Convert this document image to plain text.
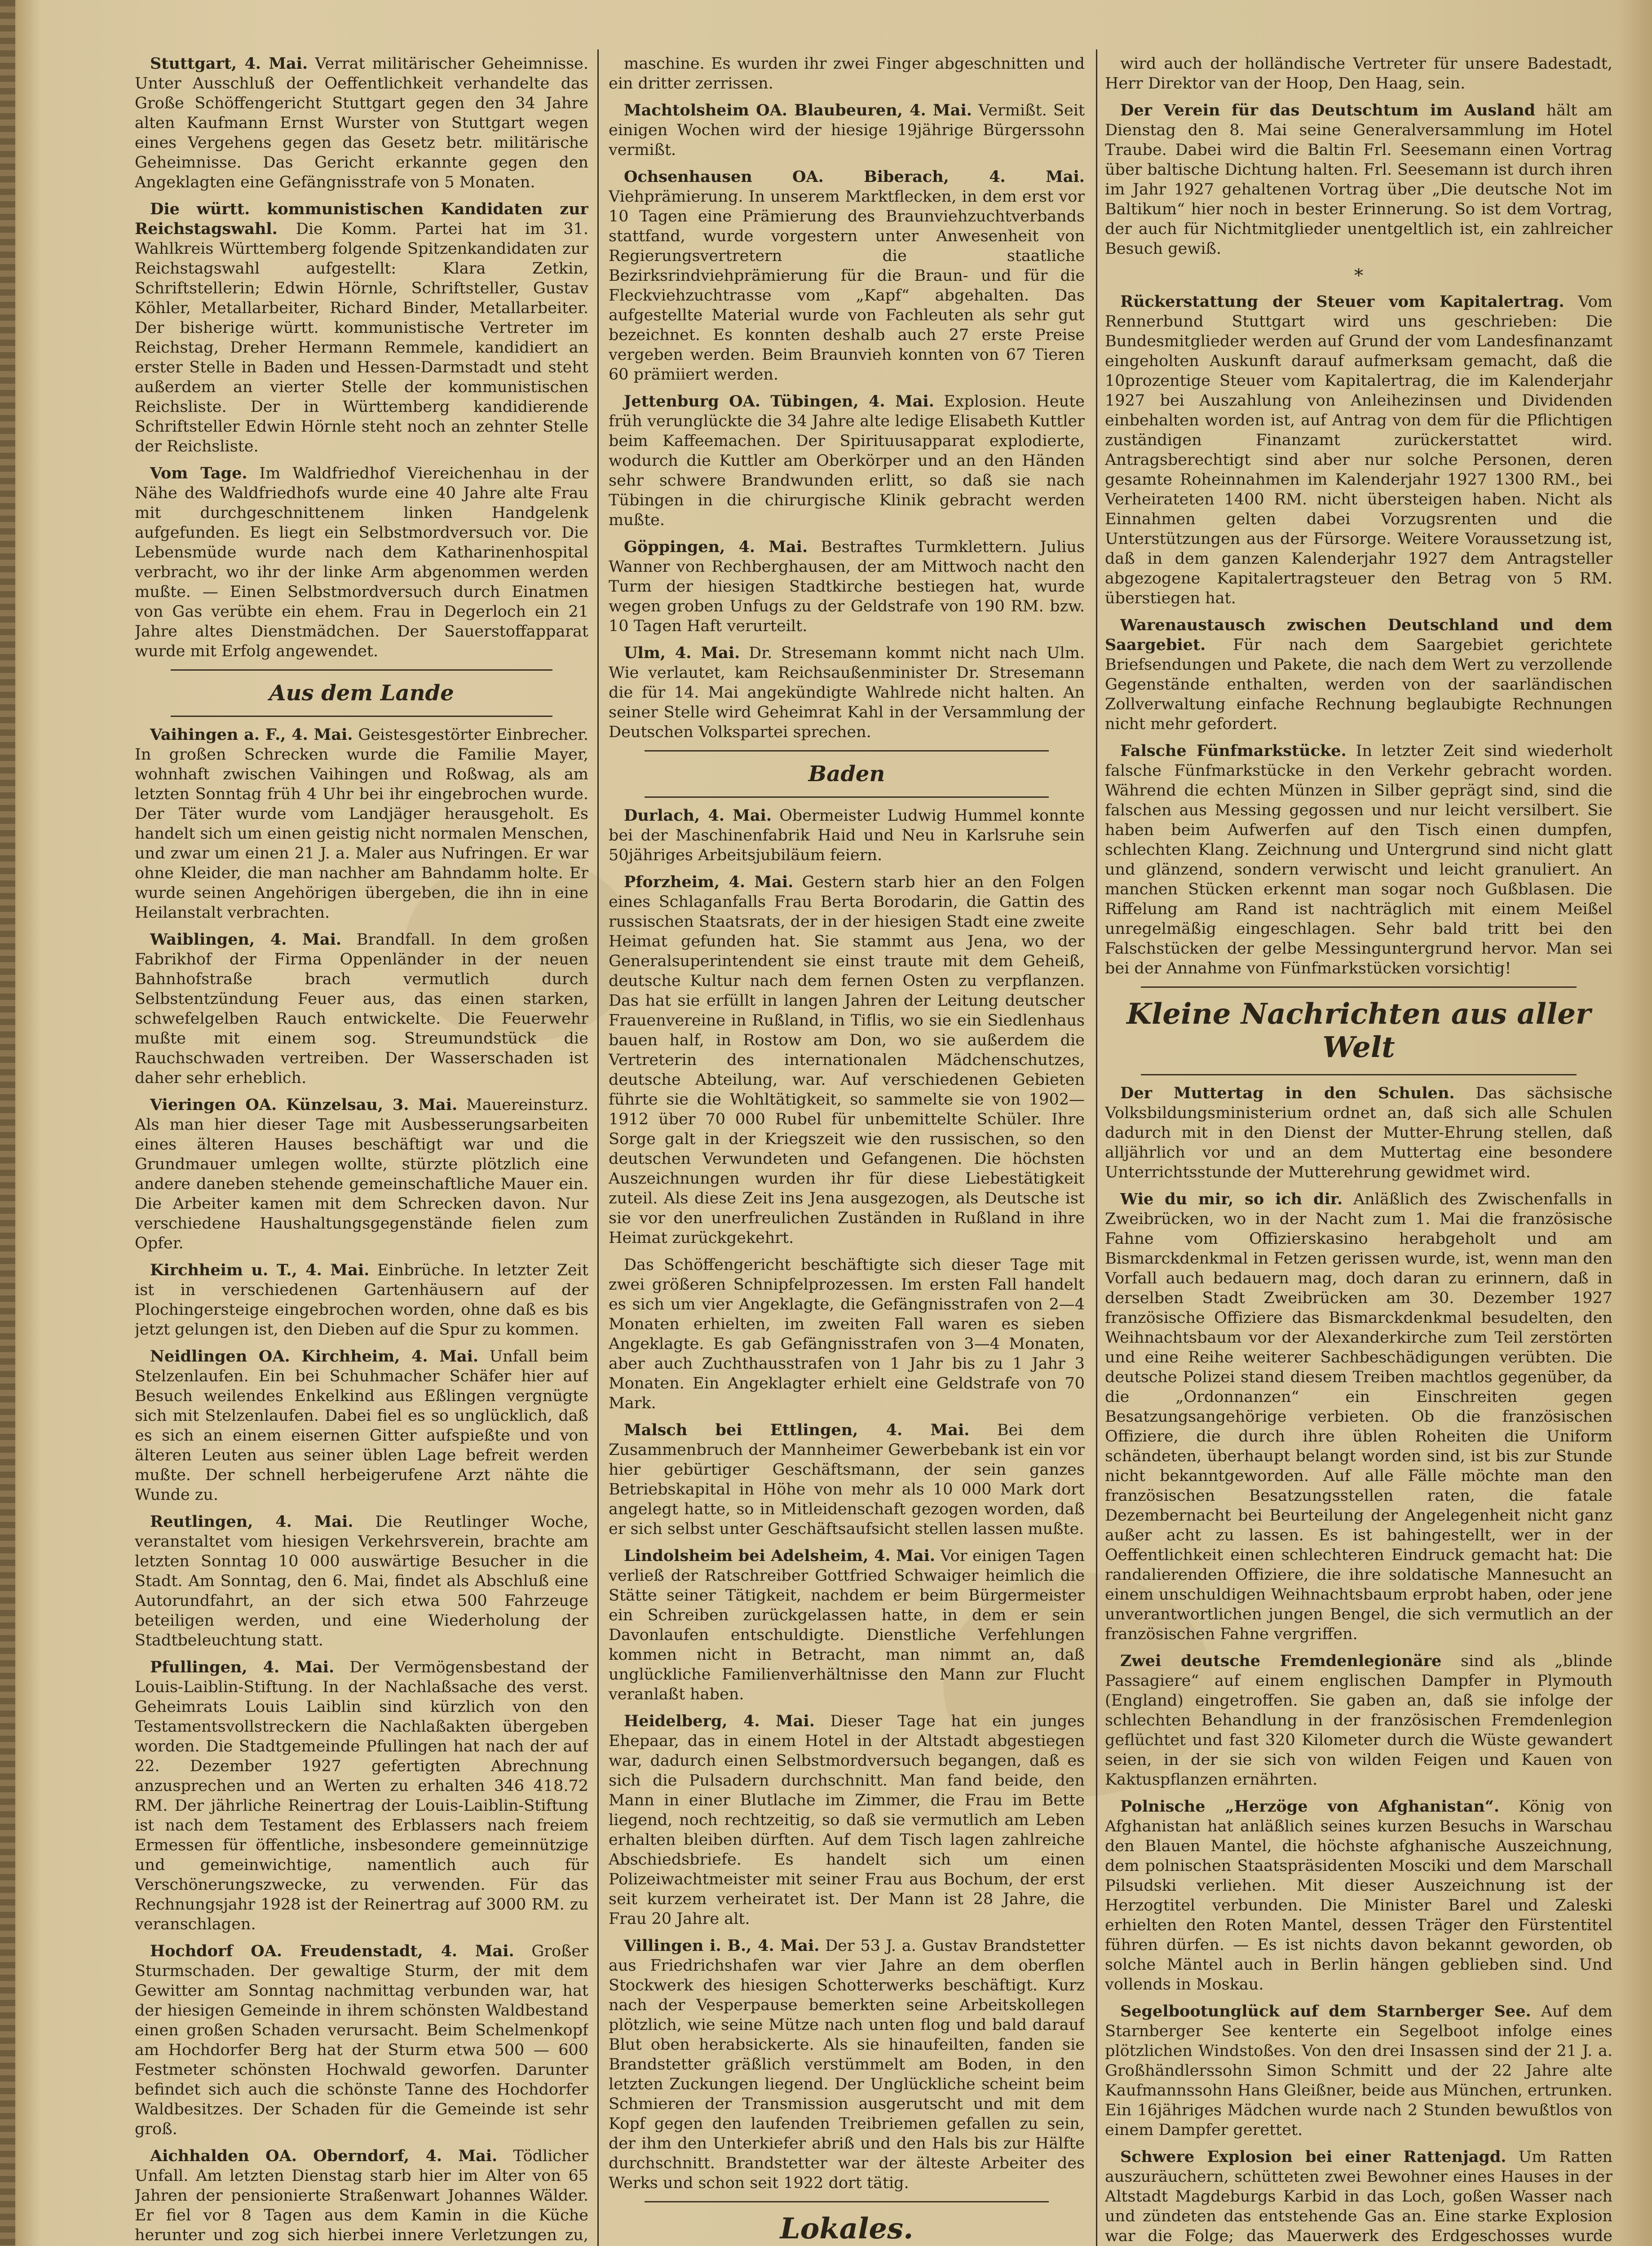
Stuttgart, 4. Mai. Verrat militärischer Geheimnisse. Unter Ausschluß der Oeffentlichkeit verhandelte das Große Schöffengericht Stuttgart gegen den 34 Jahre alten Kaufmann Ernst Wurster von Stuttgart wegen eines Vergehens gegen das Gesetz betr. militärische Geheimnisse. Das Gericht erkannte gegen den Angeklagten eine Gefängnisstrafe von 5 Monaten.

Die württ. kommunistischen Kandidaten zur Reichstagswahl. Die Komm. Partei hat im 31. Wahlkreis Württemberg folgende Spitzenkandidaten zur Reichstagswahl aufgestellt: Klara Zetkin, Schriftstellerin; Edwin Hörnle, Schriftsteller, Gustav Köhler, Metallarbeiter, Richard Binder, Metallarbeiter. Der bisherige württ. kommunistische Vertreter im Reichstag, Dreher Hermann Remmele, kandidiert an erster Stelle in Baden und Hessen-Darmstadt und steht außerdem an vierter Stelle der kommunistischen Reichsliste. Der in Württemberg kandidierende Schriftsteller Edwin Hörnle steht noch an zehnter Stelle der Reichsliste.

Vom Tage. Im Waldfriedhof Viereichenhau in der Nähe des Waldfriedhofs wurde eine 40 Jahre alte Frau mit durchgeschnittenem linken Handgelenk aufgefunden. Es liegt ein Selbstmordversuch vor. Die Lebensmüde wurde nach dem Katharinenhospital verbracht, wo ihr der linke Arm abgenommen werden mußte. — Einen Selbstmordversuch durch Einatmen von Gas verübte ein ehem. Frau in Degerloch ein 21 Jahre altes Dienstmädchen. Der Sauerstoffapparat wurde mit Erfolg angewendet.

Aus dem Lande

Vaihingen a. F., 4. Mai. Geistesgestörter Einbrecher. In großen Schrecken wurde die Familie Mayer, wohnhaft zwischen Vaihingen und Roßwag, als am letzten Sonntag früh 4 Uhr bei ihr eingebrochen wurde. Der Täter wurde vom Landjäger herausgeholt. Es handelt sich um einen geistig nicht normalen Menschen, und zwar um einen 21 J. a. Maler aus Nufringen. Er war ohne Kleider, die man nachher am Bahndamm holte. Er wurde seinen Angehörigen übergeben, die ihn in eine Heilanstalt verbrachten.

Waiblingen, 4. Mai. Brandfall. In dem großen Fabrikhof der Firma Oppenländer in der neuen Bahnhofstraße brach vermutlich durch Selbstentzündung Feuer aus, das einen starken, schwefelgelben Rauch entwickelte. Die Feuerwehr mußte mit einem sog. Streumundstück die Rauchschwaden vertreiben. Der Wasserschaden ist daher sehr erheblich.

Vieringen OA. Künzelsau, 3. Mai. Mauereinsturz. Als man hier dieser Tage mit Ausbesserungsarbeiten eines älteren Hauses beschäftigt war und die Grundmauer umlegen wollte, stürzte plötzlich eine andere daneben stehende gemeinschaftliche Mauer ein. Die Arbeiter kamen mit dem Schrecken davon. Nur verschiedene Haushaltungsgegenstände fielen zum Opfer.

Kirchheim u. T., 4. Mai. Einbrüche. In letzter Zeit ist in verschiedenen Gartenhäusern auf der Plochingersteige eingebrochen worden, ohne daß es bis jetzt gelungen ist, den Dieben auf die Spur zu kommen.

Neidlingen OA. Kirchheim, 4. Mai. Unfall beim Stelzenlaufen. Ein bei Schuhmacher Schäfer hier auf Besuch weilendes Enkelkind aus Eßlingen vergnügte sich mit Stelzenlaufen. Dabei fiel es so unglücklich, daß es sich an einem eisernen Gitter aufspießte und von älteren Leuten aus seiner üblen Lage befreit werden mußte. Der schnell herbeigerufene Arzt nähte die Wunde zu.

Reutlingen, 4. Mai. Die Reutlinger Woche, veranstaltet vom hiesigen Verkehrsverein, brachte am letzten Sonntag 10 000 auswärtige Besucher in die Stadt. Am Sonntag, den 6. Mai, findet als Abschluß eine Autorundfahrt, an der sich etwa 500 Fahrzeuge beteiligen werden, und eine Wiederholung der Stadtbeleuchtung statt.

Pfullingen, 4. Mai. Der Vermögensbestand der Louis-Laiblin-Stiftung. In der Nachlaßsache des verst. Geheimrats Louis Laiblin sind kürzlich von den Testamentsvollstreckern die Nachlaßakten übergeben worden. Die Stadtgemeinde Pfullingen hat nach der auf 22. Dezember 1927 gefertigten Abrechnung anzusprechen und an Werten zu erhalten 346 418.72 RM. Der jährliche Reinertrag der Louis-Laiblin-Stiftung ist nach dem Testament des Erblassers nach freiem Ermessen für öffentliche, insbesondere gemeinnützige und gemeinwichtige, namentlich auch für Verschönerungszwecke, zu verwenden. Für das Rechnungsjahr 1928 ist der Reinertrag auf 3000 RM. zu veranschlagen.

Hochdorf OA. Freudenstadt, 4. Mai. Großer Sturmschaden. Der gewaltige Sturm, der mit dem Gewitter am Sonntag nachmittag verbunden war, hat der hiesigen Gemeinde in ihrem schönsten Waldbestand einen großen Schaden verursacht. Beim Schelmenkopf am Hochdorfer Berg hat der Sturm etwa 500 — 600 Festmeter schönsten Hochwald geworfen. Darunter befindet sich auch die schönste Tanne des Hochdorfer Waldbesitzes. Der Schaden für die Gemeinde ist sehr groß.

Aichhalden OA. Oberndorf, 4. Mai. Tödlicher Unfall. Am letzten Dienstag starb hier im Alter von 65 Jahren der pensionierte Straßenwart Johannes Wälder. Er fiel vor 8 Tagen aus dem Kamin in die Küche herunter und zog sich hierbei innere Verletzungen zu,

maschine. Es wurden ihr zwei Finger abgeschnitten und ein dritter zerrissen.

Machtolsheim OA. Blaubeuren, 4. Mai. Vermißt. Seit einigen Wochen wird der hiesige 19jährige Bürgerssohn vermißt.

Ochsenhausen OA. Biberach, 4. Mai. Viehprämierung. In unserem Marktflecken, in dem erst vor 10 Tagen eine Prämierung des Braunviehzuchtverbands stattfand, wurde vorgestern unter Anwesenheit von Regierungsvertretern die staatliche Bezirksrindviehprämierung für die Braun- und für die Fleckviehzuchtrasse vom „Kapf“ abgehalten. Das aufgestellte Material wurde von Fachleuten als sehr gut bezeichnet. Es konnten deshalb auch 27 erste Preise vergeben werden. Beim Braunvieh konnten von 67 Tieren 60 prämiiert werden.

Jettenburg OA. Tübingen, 4. Mai. Explosion. Heute früh verunglückte die 34 Jahre alte ledige Elisabeth Kuttler beim Kaffeemachen. Der Spirituusapparat explodierte, wodurch die Kuttler am Oberkörper und an den Händen sehr schwere Brandwunden erlitt, so daß sie nach Tübingen in die chirurgische Klinik gebracht werden mußte.

Göppingen, 4. Mai. Bestraftes Turmklettern. Julius Wanner von Rechberghausen, der am Mittwoch nacht den Turm der hiesigen Stadtkirche bestiegen hat, wurde wegen groben Unfugs zu der Geldstrafe von 190 RM. bzw. 10 Tagen Haft verurteilt.

Ulm, 4. Mai. Dr. Stresemann kommt nicht nach Ulm. Wie verlautet, kam Reichsaußenminister Dr. Stresemann die für 14. Mai angekündigte Wahlrede nicht halten. An seiner Stelle wird Geheimrat Kahl in der Versammlung der Deutschen Volkspartei sprechen.

Baden

Durlach, 4. Mai. Obermeister Ludwig Hummel konnte bei der Maschinenfabrik Haid und Neu in Karlsruhe sein 50jähriges Arbeitsjubiläum feiern.

Pforzheim, 4. Mai. Gestern starb hier an den Folgen eines Schlaganfalls Frau Berta Borodarin, die Gattin des russischen Staatsrats, der in der hiesigen Stadt eine zweite Heimat gefunden hat. Sie stammt aus Jena, wo der Generalsuperintendent sie einst traute mit dem Geheiß, deutsche Kultur nach dem fernen Osten zu verpflanzen. Das hat sie erfüllt in langen Jahren der Leitung deutscher Frauenvereine in Rußland, in Tiflis, wo sie ein Siedlenhaus bauen half, in Rostow am Don, wo sie außerdem die Vertreterin des internationalen Mädchenschutzes, deutsche Abteilung, war. Auf verschiedenen Gebieten führte sie die Wohltätigkeit, so sammelte sie von 1902—1912 über 70 000 Rubel für unbemittelte Schüler. Ihre Sorge galt in der Kriegszeit wie den russischen, so den deutschen Verwundeten und Gefangenen. Die höchsten Auszeichnungen wurden ihr für diese Liebestätigkeit zuteil. Als diese Zeit ins Jena ausgezogen, als Deutsche ist sie vor den unerfreulichen Zuständen in Rußland in ihre Heimat zurückgekehrt.

Das Schöffengericht beschäftigte sich dieser Tage mit zwei größeren Schnipfelprozessen. Im ersten Fall handelt es sich um vier Angeklagte, die Gefängnisstrafen von 2—4 Monaten erhielten, im zweiten Fall waren es sieben Angeklagte. Es gab Gefängnisstrafen von 3—4 Monaten, aber auch Zuchthausstrafen von 1 Jahr bis zu 1 Jahr 3 Monaten. Ein Angeklagter erhielt eine Geldstrafe von 70 Mark.

Malsch bei Ettlingen, 4. Mai. Bei dem Zusammenbruch der Mannheimer Gewerbebank ist ein vor hier gebürtiger Geschäftsmann, der sein ganzes Betriebskapital in Höhe von mehr als 10 000 Mark dort angelegt hatte, so in Mitleidenschaft gezogen worden, daß er sich selbst unter Geschäftsaufsicht stellen lassen mußte.

Lindolsheim bei Adelsheim, 4. Mai. Vor einigen Tagen verließ der Ratschreiber Gottfried Schwaiger heimlich die Stätte seiner Tätigkeit, nachdem er beim Bürgermeister ein Schreiben zurückgelassen hatte, in dem er sein Davonlaufen entschuldigte. Dienstliche Verfehlungen kommen nicht in Betracht, man nimmt an, daß unglückliche Familienverhältnisse den Mann zur Flucht veranlaßt haben.

Heidelberg, 4. Mai. Dieser Tage hat ein junges Ehepaar, das in einem Hotel in der Altstadt abgestiegen war, dadurch einen Selbstmordversuch begangen, daß es sich die Pulsadern durchschnitt. Man fand beide, den Mann in einer Blutlache im Zimmer, die Frau im Bette liegend, noch rechtzeitig, so daß sie vermutlich am Leben erhalten bleiben dürften. Auf dem Tisch lagen zahlreiche Abschiedsbriefe. Es handelt sich um einen Polizeiwachtmeister mit seiner Frau aus Bochum, der erst seit kurzem verheiratet ist. Der Mann ist 28 Jahre, die Frau 20 Jahre alt.

Villingen i. B., 4. Mai. Der 53 J. a. Gustav Brandstetter aus Friedrichshafen war vier Jahre an dem oberflen Stockwerk des hiesigen Schotterwerks beschäftigt. Kurz nach der Vesperpause bemerkten seine Arbeitskollegen plötzlich, wie seine Mütze nach unten flog und bald darauf Blut oben herabsickerte. Als sie hinaufeilten, fanden sie Brandstetter gräßlich verstümmelt am Boden, in den letzten Zuckungen liegend. Der Unglückliche scheint beim Schmieren der Transmission ausgerutscht und mit dem Kopf gegen den laufenden Treibriemen gefallen zu sein, der ihm den Unterkiefer abriß und den Hals bis zur Hälfte durchschnitt. Brandstetter war der älteste Arbeiter des Werks und schon seit 1922 dort tätig.

Lokales.

wird auch der holländische Vertreter für unsere Badestadt, Herr Direktor van der Hoop, Den Haag, sein.

Der Verein für das Deutschtum im Ausland hält am Dienstag den 8. Mai seine Generalversammlung im Hotel Traube. Dabei wird die Baltin Frl. Seesemann einen Vortrag über baltische Dichtung halten. Frl. Seesemann ist durch ihren im Jahr 1927 gehaltenen Vortrag über „Die deutsche Not im Baltikum“ hier noch in bester Erinnerung. So ist dem Vortrag, der auch für Nichtmitglieder unentgeltlich ist, ein zahlreicher Besuch gewiß.

*

Rückerstattung der Steuer vom Kapitalertrag. Vom Rennerbund Stuttgart wird uns geschrieben: Die Bundesmitglieder werden auf Grund der vom Landesfinanzamt eingeholten Auskunft darauf aufmerksam gemacht, daß die 10prozentige Steuer vom Kapitalertrag, die im Kalenderjahr 1927 bei Auszahlung von Anleihezinsen und Dividenden einbehalten worden ist, auf Antrag von dem für die Pflichtigen zuständigen Finanzamt zurückerstattet wird. Antragsberechtigt sind aber nur solche Personen, deren gesamte Roheinnahmen im Kalenderjahr 1927 1300 RM., bei Verheirateten 1400 RM. nicht übersteigen haben. Nicht als Einnahmen gelten dabei Vorzugsrenten und die Unterstützungen aus der Fürsorge. Weitere Voraussetzung ist, daß in dem ganzen Kalenderjahr 1927 dem Antragsteller abgezogene Kapitalertragsteuer den Betrag von 5 RM. überstiegen hat.

Warenaustausch zwischen Deutschland und dem Saargebiet. Für nach dem Saargebiet gerichtete Briefsendungen und Pakete, die nach dem Wert zu verzollende Gegenstände enthalten, werden von der saarländischen Zollverwaltung einfache Rechnung beglaubigte Rechnungen nicht mehr gefordert.

Falsche Fünfmarkstücke. In letzter Zeit sind wiederholt falsche Fünfmarkstücke in den Verkehr gebracht worden. Während die echten Münzen in Silber geprägt sind, sind die falschen aus Messing gegossen und nur leicht versilbert. Sie haben beim Aufwerfen auf den Tisch einen dumpfen, schlechten Klang. Zeichnung und Untergrund sind nicht glatt und glänzend, sondern verwischt und leicht granuliert. An manchen Stücken erkennt man sogar noch Gußblasen. Die Riffelung am Rand ist nachträglich mit einem Meißel unregelmäßig eingeschlagen. Sehr bald tritt bei den Falschstücken der gelbe Messinguntergrund hervor. Man sei bei der Annahme von Fünfmarkstücken vorsichtig!

Kleine Nachrichten aus aller Welt

Der Muttertag in den Schulen. Das sächsische Volksbildungsministerium ordnet an, daß sich alle Schulen dadurch mit in den Dienst der Mutter-Ehrung stellen, daß alljährlich vor und an dem Muttertag eine besondere Unterrichtsstunde der Mutterehrung gewidmet wird.

Wie du mir, so ich dir. Anläßlich des Zwischenfalls in Zweibrücken, wo in der Nacht zum 1. Mai die französische Fahne vom Offizierskasino herabgeholt und am Bismarckdenkmal in Fetzen gerissen wurde, ist, wenn man den Vorfall auch bedauern mag, doch daran zu erinnern, daß in derselben Stadt Zweibrücken am 30. Dezember 1927 französische Offiziere das Bismarckdenkmal besudelten, den Weihnachtsbaum vor der Alexanderkirche zum Teil zerstörten und eine Reihe weiterer Sachbeschädigungen verübten. Die deutsche Polizei stand diesem Treiben machtlos gegenüber, da die „Ordonnanzen“ ein Einschreiten gegen Besatzungsangehörige verbieten. Ob die französischen Offiziere, die durch ihre üblen Roheiten die Uniform schändeten, überhaupt belangt worden sind, ist bis zur Stunde nicht bekanntgeworden. Auf alle Fälle möchte man den französischen Besatzungsstellen raten, die fatale Dezembernacht bei Beurteilung der Angelegenheit nicht ganz außer acht zu lassen. Es ist bahingestellt, wer in der Oeffentlichkeit einen schlechteren Eindruck gemacht hat: Die randalierenden Offiziere, die ihre soldatische Mannesucht an einem unschuldigen Weihnachtsbaum erprobt haben, oder jene unverantwortlichen jungen Bengel, die sich vermutlich an der französischen Fahne vergriffen.

Zwei deutsche Fremdenlegionäre sind als „blinde Passagiere“ auf einem englischen Dampfer in Plymouth (England) eingetroffen. Sie gaben an, daß sie infolge der schlechten Behandlung in der französischen Fremdenlegion geflüchtet und fast 320 Kilometer durch die Wüste gewandert seien, in der sie sich von wilden Feigen und Kauen von Kaktuspflanzen ernährten.

Polnische „Herzöge von Afghanistan“. König von Afghanistan hat anläßlich seines kurzen Besuchs in Warschau den Blauen Mantel, die höchste afghanische Auszeichnung, dem polnischen Staatspräsidenten Mosciki und dem Marschall Pilsudski verliehen. Mit dieser Auszeichnung ist der Herzogtitel verbunden. Die Minister Barel und Zaleski erhielten den Roten Mantel, dessen Träger den Fürstentitel führen dürfen. — Es ist nichts davon bekannt geworden, ob solche Mäntel auch in Berlin hängen geblieben sind. Und vollends in Moskau.

Segelbootunglück auf dem Starnberger See. Auf dem Starnberger See kenterte ein Segelboot infolge eines plötzlichen Windstoßes. Von den drei Insassen sind der 21 J. a. Großhändlerssohn Simon Schmitt und der 22 Jahre alte Kaufmannssohn Hans Gleißner, beide aus München, ertrunken. Ein 16jähriges Mädchen wurde nach 2 Stunden bewußtlos von einem Dampfer gerettet.

Schwere Explosion bei einer Rattenjagd. Um Ratten auszuräuchern, schütteten zwei Bewohner eines Hauses in der Altstadt Magdeburgs Karbid in das Loch, goßen Wasser nach und zündeten das entstehende Gas an. Eine starke Explosion war die Folge; das Mauerwerk des Erdgeschosses wurde
